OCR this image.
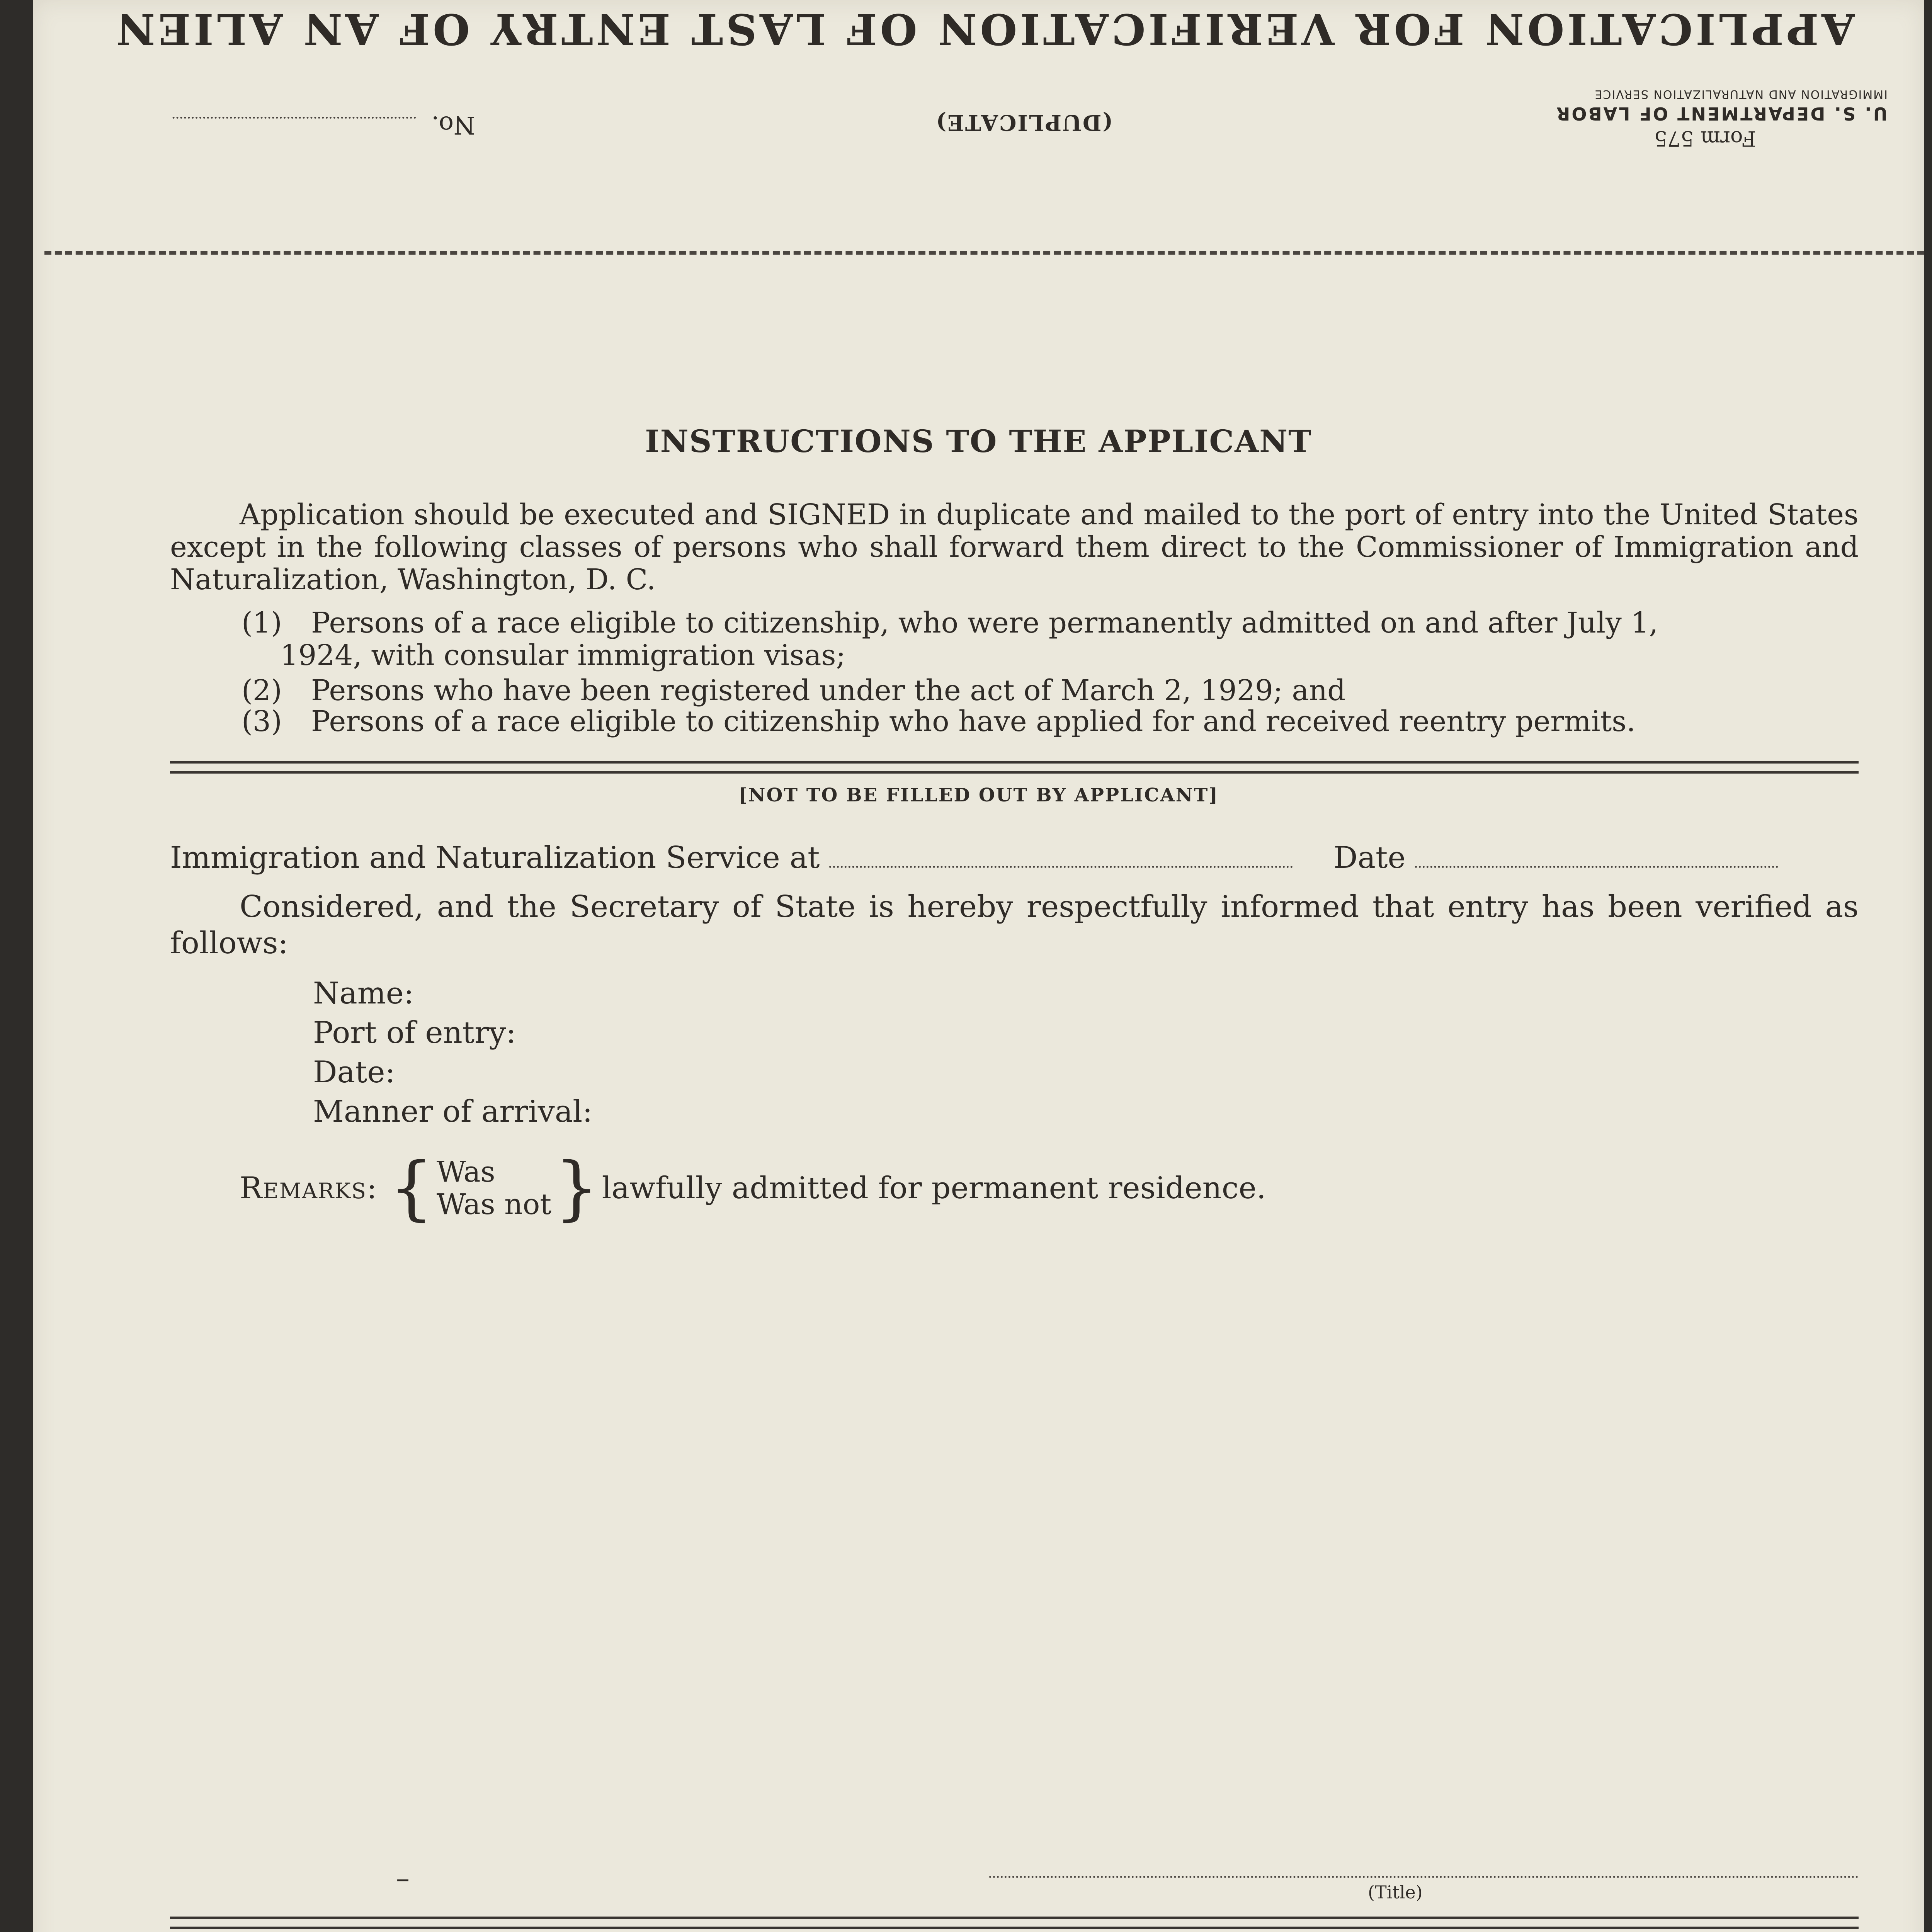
Form 575
U. S. DEPARTMENT OF LABOR
IMMIGRATION AND NATURALIZATION SERVICE
(DUPLICATE)
No.
APPLICATION FOR VERIFICATION OF LAST ENTRY OF AN ALIEN
INSTRUCTIONS TO THE APPLICANT
Application should be executed and SIGNED in duplicate and mailed to the port of entry into the United States except in the following classes of persons who shall forward them direct to the Commissioner of Immigration and Naturalization, Washington, D. C.
(1) Persons of a race eligible to citizenship, who were permanently admitted on and after July 1,
1924, with consular immigration visas;
(2) Persons who have been registered under the act of March 2, 1929; and
(3) Persons of a race eligible to citizenship who have applied for and received reentry permits.
[NOT TO BE FILLED OUT BY APPLICANT]
Immigration and Naturalization Service at	Date
Considered, and the Secretary of State is hereby respectfully informed that entry has been verified as follows:
Name:
Port of entry:
Date:
Manner of arrival:
Remarks: { Was
Was not } lawfully admitted for permanent residence.
–	(Title)
